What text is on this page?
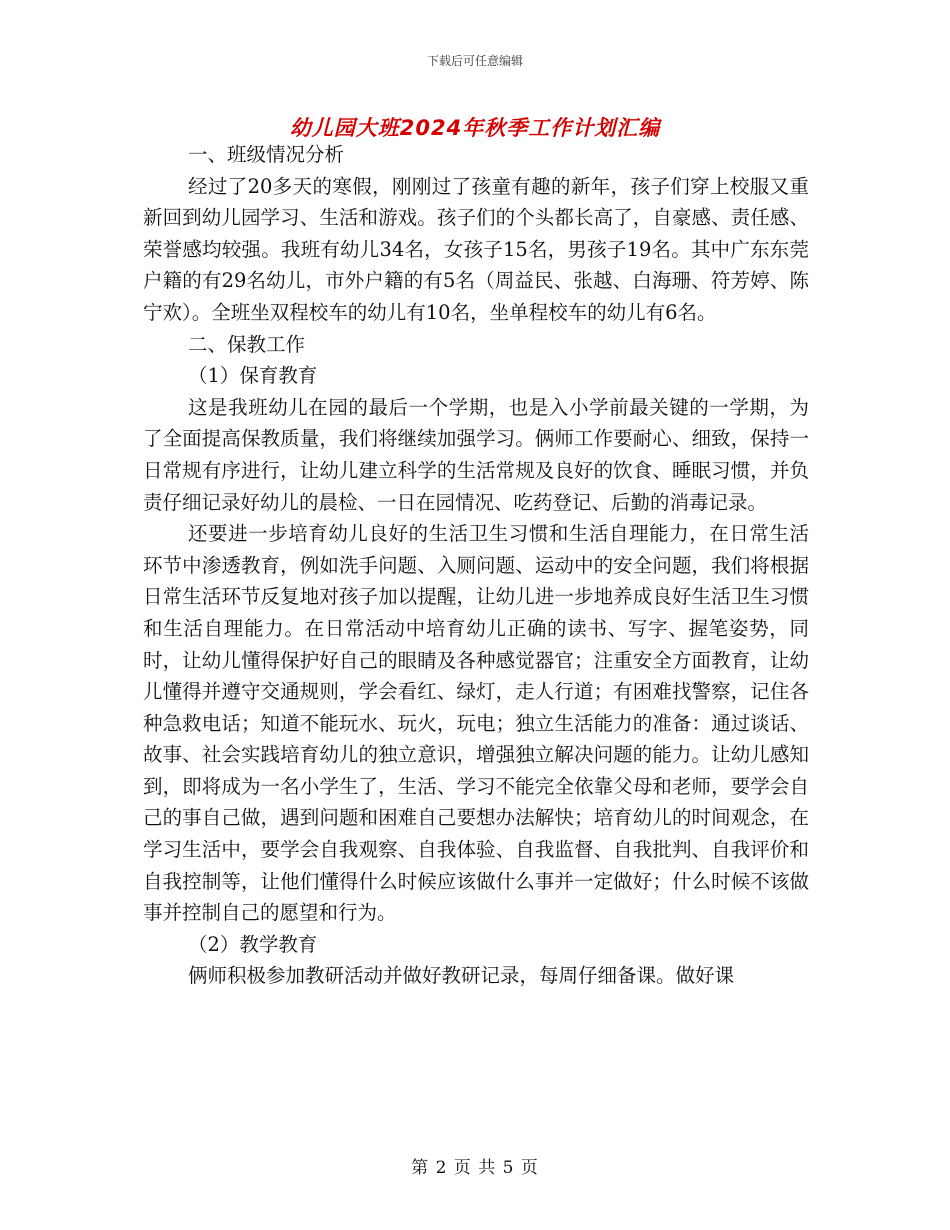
下载后可任意编辑
幼儿园大班2024年秋季工作计划汇编

一、班级情况分析

经过了20多天的寒假，刚刚过了孩童有趣的新年，孩子们穿上校服又重新回到幼儿园学习、生活和游戏。孩子们的个头都长高了，自豪感、责任感、荣誉感均较强。我班有幼儿34名，女孩子15名，男孩子19名。其中广东东莞户籍的有29名幼儿，市外户籍的有5名（周益民、张越、白海珊、符芳婷、陈宁欢）。全班坐双程校车的幼儿有10名，坐单程校车的幼儿有6名。

二、保教工作

（1）保育教育

这是我班幼儿在园的最后一个学期，也是入小学前最关键的一学期，为了全面提高保教质量，我们将继续加强学习。俩师工作要耐心、细致，保持一日常规有序进行，让幼儿建立科学的生活常规及良好的饮食、睡眠习惯，并负责仔细记录好幼儿的晨检、一日在园情况、吃药登记、后勤的消毒记录。

还要进一步培育幼儿良好的生活卫生习惯和生活自理能力，在日常生活环节中渗透教育，例如洗手问题、入厕问题、运动中的安全问题，我们将根据日常生活环节反复地对孩子加以提醒，让幼儿进一步地养成良好生活卫生习惯和生活自理能力。在日常活动中培育幼儿正确的读书、写字、握笔姿势，同时，让幼儿懂得保护好自己的眼睛及各种感觉器官；注重安全方面教育，让幼儿懂得并遵守交通规则，学会看红、绿灯，走人行道；有困难找警察，记住各种急救电话；知道不能玩水、玩火，玩电；独立生活能力的准备：通过谈话、故事、社会实践培育幼儿的独立意识，增强独立解决问题的能力。让幼儿感知到，即将成为一名小学生了，生活、学习不能完全依靠父母和老师，要学会自己的事自己做，遇到问题和困难自己要想办法解快；培育幼儿的时间观念，在学习生活中，要学会自我观察、自我体验、自我监督、自我批判、自我评价和自我控制等，让他们懂得什么时候应该做什么事并一定做好；什么时候不该做事并控制自己的愿望和行为。

（2）教学教育

俩师积极参加教研活动并做好教研记录，每周仔细备课。做好课

第 2 页 共 5 页
